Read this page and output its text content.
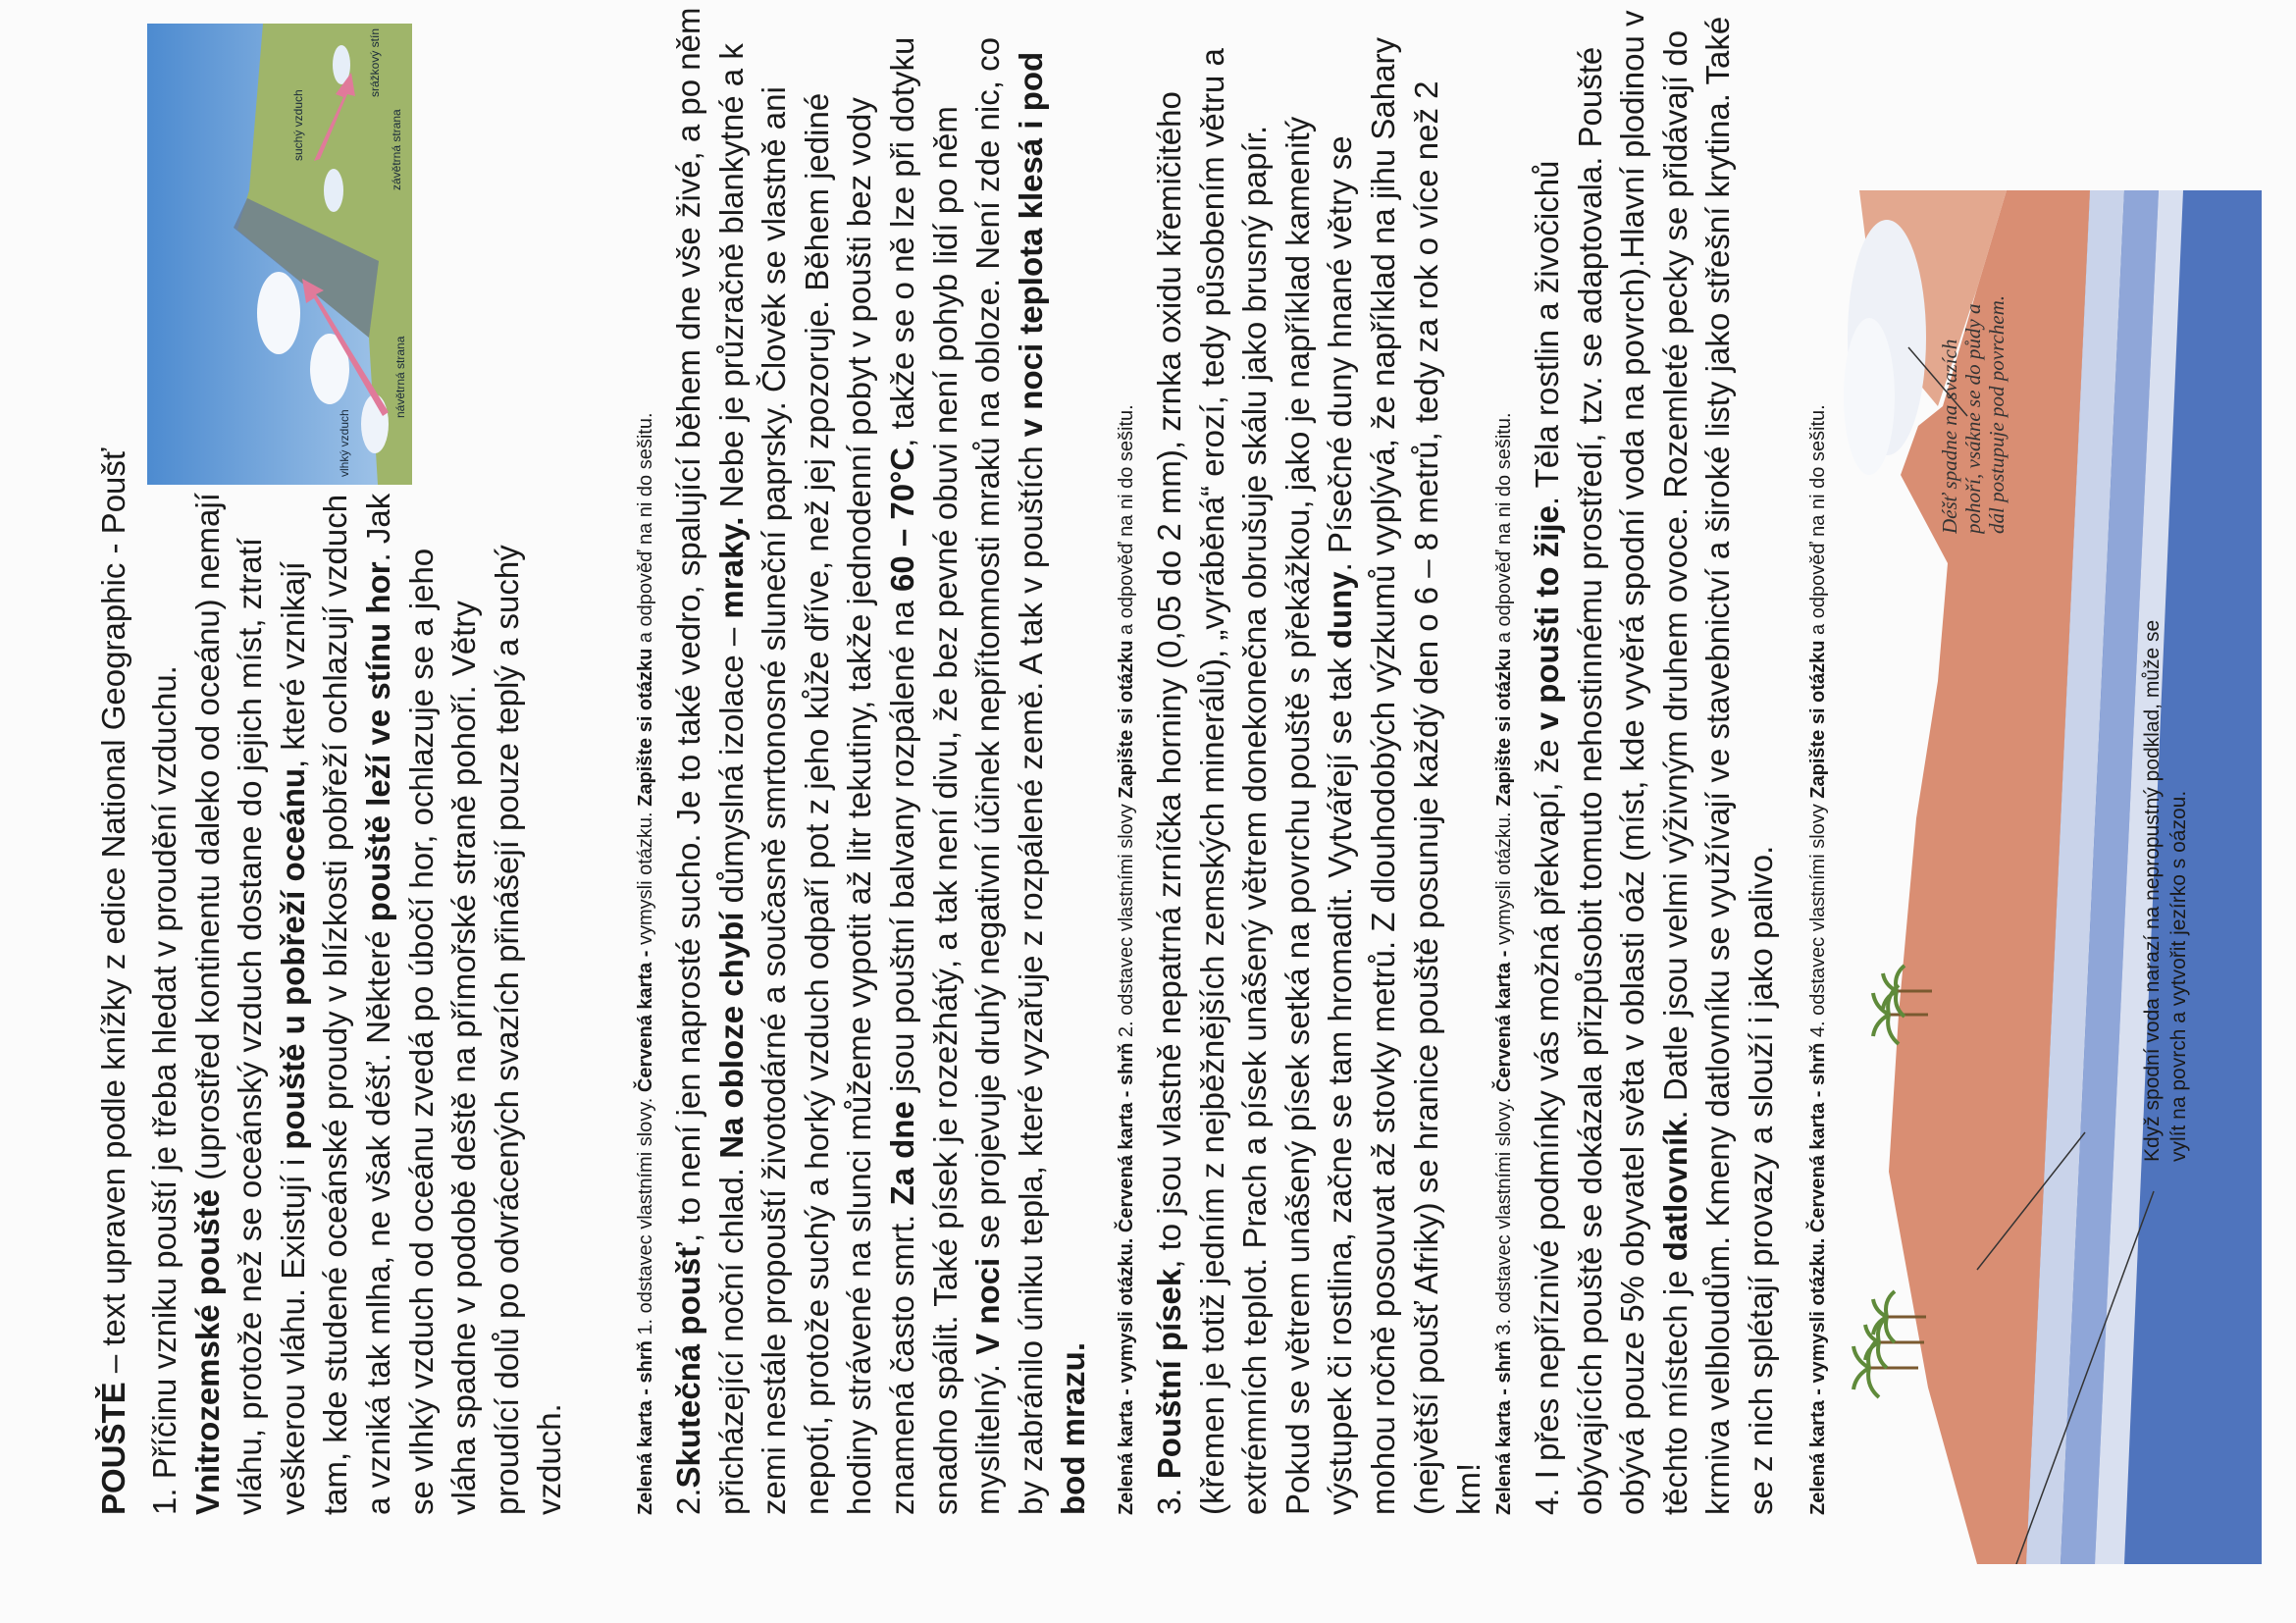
POUŠTĚ – text upraven podle knížky z edice National Geographic - Poušť 1. Příčinu vzniku pouští je třeba hledat v proudění vzduchu. Vnitrozemské pouště (uprostřed kontinentu daleko od oceánu) nemají vláhu, protože než se oceánský vzduch dostane do jejich míst, ztratí veškerou vláhu. Existují i pouště u pobřeží oceánu, které vznikají tam, kde studené oceánské proudy v blízkosti pobřeží ochlazují vzduch a vzniká tak mlha, ne však déšť. Některé pouště leží ve stínu hor. Jak se vlhký vzduch od oceánu zvedá po úbočí hor, ochlazuje se a jeho vláha spadne v podobě deště na přímořské straně pohoří. Větry proudící dolů po odvrácených svazích přinášejí pouze teplý a suchý vzduch.
vlhký vzduch
návětrná strana
suchý vzduch
srážkový stín
závětrná strana
Zelená karta - shrň 1. odstavec vlastními slovy. Červená karta - vymysli otázku. Zapište si otázku a odpověď na ni do sešitu.
2.Skutečná poušť, to není jen naprosté sucho. Je to také vedro, spalující během dne vše živé, a po něm přicházející noční chlad. Na obloze chybí důmyslná izolace – mraky. Nebe je průzračně blankytné a k zemi nestále propouští životodárné a současně smrtonosné sluneční paprsky. Člověk se vlastně ani nepotí, protože suchý a horký vzduch odpaří pot z jeho kůže dříve, než jej zpozoruje. Během jediné hodiny strávené na slunci můžeme vypotit až litr tekutiny, takže jednodenní pobyt v poušti bez vody znamená často smrt. Za dne jsou pouštní balvany rozpálené na 60 – 70°C, takže se o ně lze při dotyku snadno spálit. Také písek je rozežhátý, a tak není divu, že bez pevné obuvi není pohyb lidí po něm myslitelný. V noci se projevuje druhý negativní účinek nepřítomnosti mraků na obloze. Není zde nic, co by zabránilo úniku tepla, které vyzařuje z rozpálené země. A tak v pouštích v noci teplota klesá i pod bod mrazu. Zelená karta - vymysli otázku. Červená karta - shrň 2. odstavec vlastními slovy Zapište si otázku a odpověď na ni do sešitu.
3. Pouštní písek, to jsou vlastně nepatrná zrníčka horniny (0,05 do 2 mm), zrnka oxidu křemičitého (křemen je totiž jedním z nejběžnějších zemských minerálů), „vyráběná“ erozí, tedy působením větru a extrémních teplot. Prach a písek unášený větrem donekonečna obrušuje skálu jako brusný papír. Pokud se větrem unášený písek setká na povrchu pouště s překážkou, jako je například kamenitý výstupek či rostlina, začne se tam hromadit. Vytvářejí se tak duny. Písečné duny hnané větry se mohou ročně posouvat až stovky metrů. Z dlouhodobých výzkumů vyplývá, že například na jihu Sahary (největší poušť Afriky) se hranice pouště posunuje každý den o 6 – 8 metrů, tedy za rok o více než 2 km! Zelená karta - shrň 3. odstavec vlastními slovy. Červená karta - vymysli otázku. Zapište si otázku a odpověď na ni do sešitu.
4. I přes nepříznivé podmínky vás možná překvapí, že v poušti to žije. Těla rostlin a živočichů obývajících pouště se dokázala přizpůsobit tomuto nehostinnému prostředí, tzv. se adaptovala. Poušté obývá pouze 5% obyvatel světa v oblasti oáz (míst, kde vyvěrá spodní voda na povrch).Hlavní plodinou v těchto místech je datlovník. Datle jsou velmi výživným druhem ovoce. Rozemleté pecky se přidávají do krmiva velbloudům. Kmeny datlovníku se využívají ve stavebnictví a široké listy jako střešní krytina. Také se z nich splétají provazy a slouží i jako palivo. Zelená karta - vymysli otázku. Červená karta - shrň 4. odstavec vlastními slovy Zapište si otázku a odpověď na ni do sešitu.	Déšť spadne na svazích pohoří, vsákne se do půdy a dál postupuje pod povrchem.
Když spodní voda narazí na nepropustný podklad, může se vylít na povrch a vytvořit jezírko s oázou.
